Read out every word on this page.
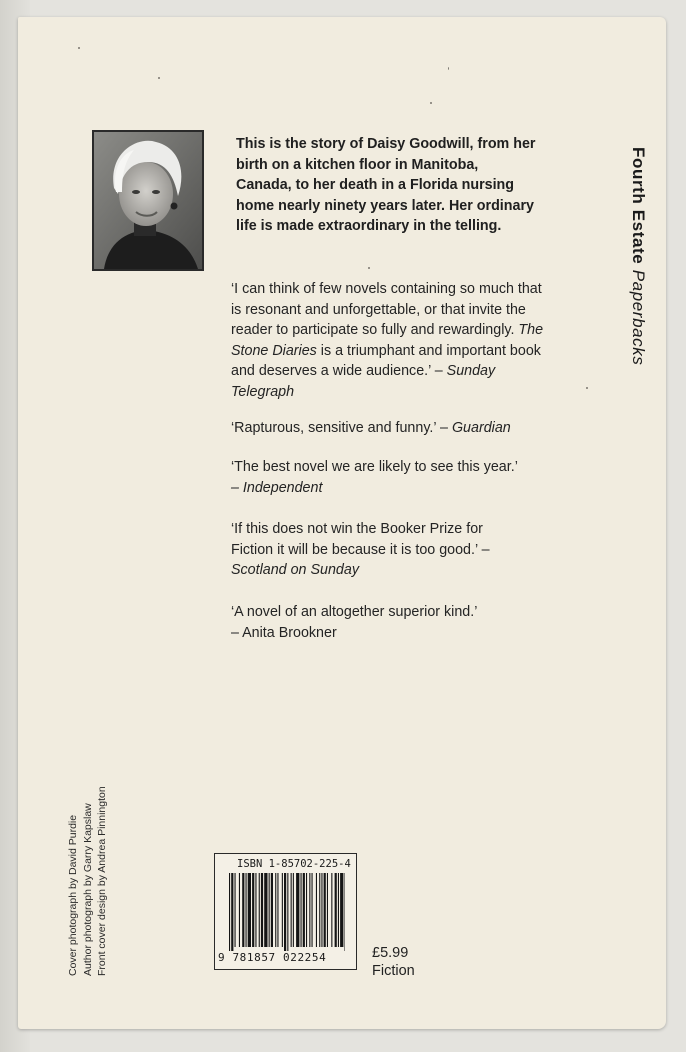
This is the story of Daisy Goodwill, from her birth on a kitchen floor in Manitoba, Canada, to her death in a Florida nursing home nearly ninety years later. Her ordinary life is made extraordinary in the telling.
‘I can think of few novels containing so much that is resonant and unforgettable, or that invite the reader to participate so fully and rewardingly. The Stone Diaries is a triumphant and important book and deserves a wide audience.’ – Sunday Telegraph
‘Rapturous, sensitive and funny.’ – Guardian
‘The best novel we are likely to see this year.’
– Independent
‘If this does not win the Booker Prize for Fiction it will be because it is too good.’ –
Scotland on Sunday
‘A novel of an altogether superior kind.’
– Anita Brookner
Fourth Estate Paperbacks
Cover photograph by David Purdie Author photograph by Garry Kapslaw Front cover design by Andrea Pinnington	ISBN 1-85702-225-4
9 781857 022254	£5.99
Fiction
